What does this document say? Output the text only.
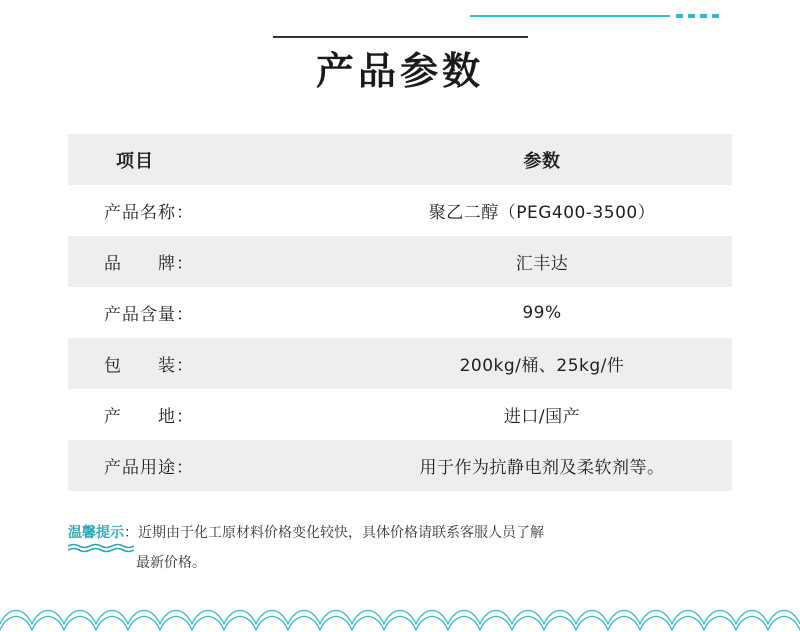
产品参数
项目	参数
产品名称：	聚乙二醇（PEG400-3500）
品　　牌：	汇丰达
产品含量：	99%
包　　装：	200kg/桶、25kg/件
产　　地：	进口/国产
产品用途：	用于作为抗静电剂及柔软剂等。
温馨提示：近期由于化工原材料价格变化较快，具体价格请联系客服人员了解
最新价格。
